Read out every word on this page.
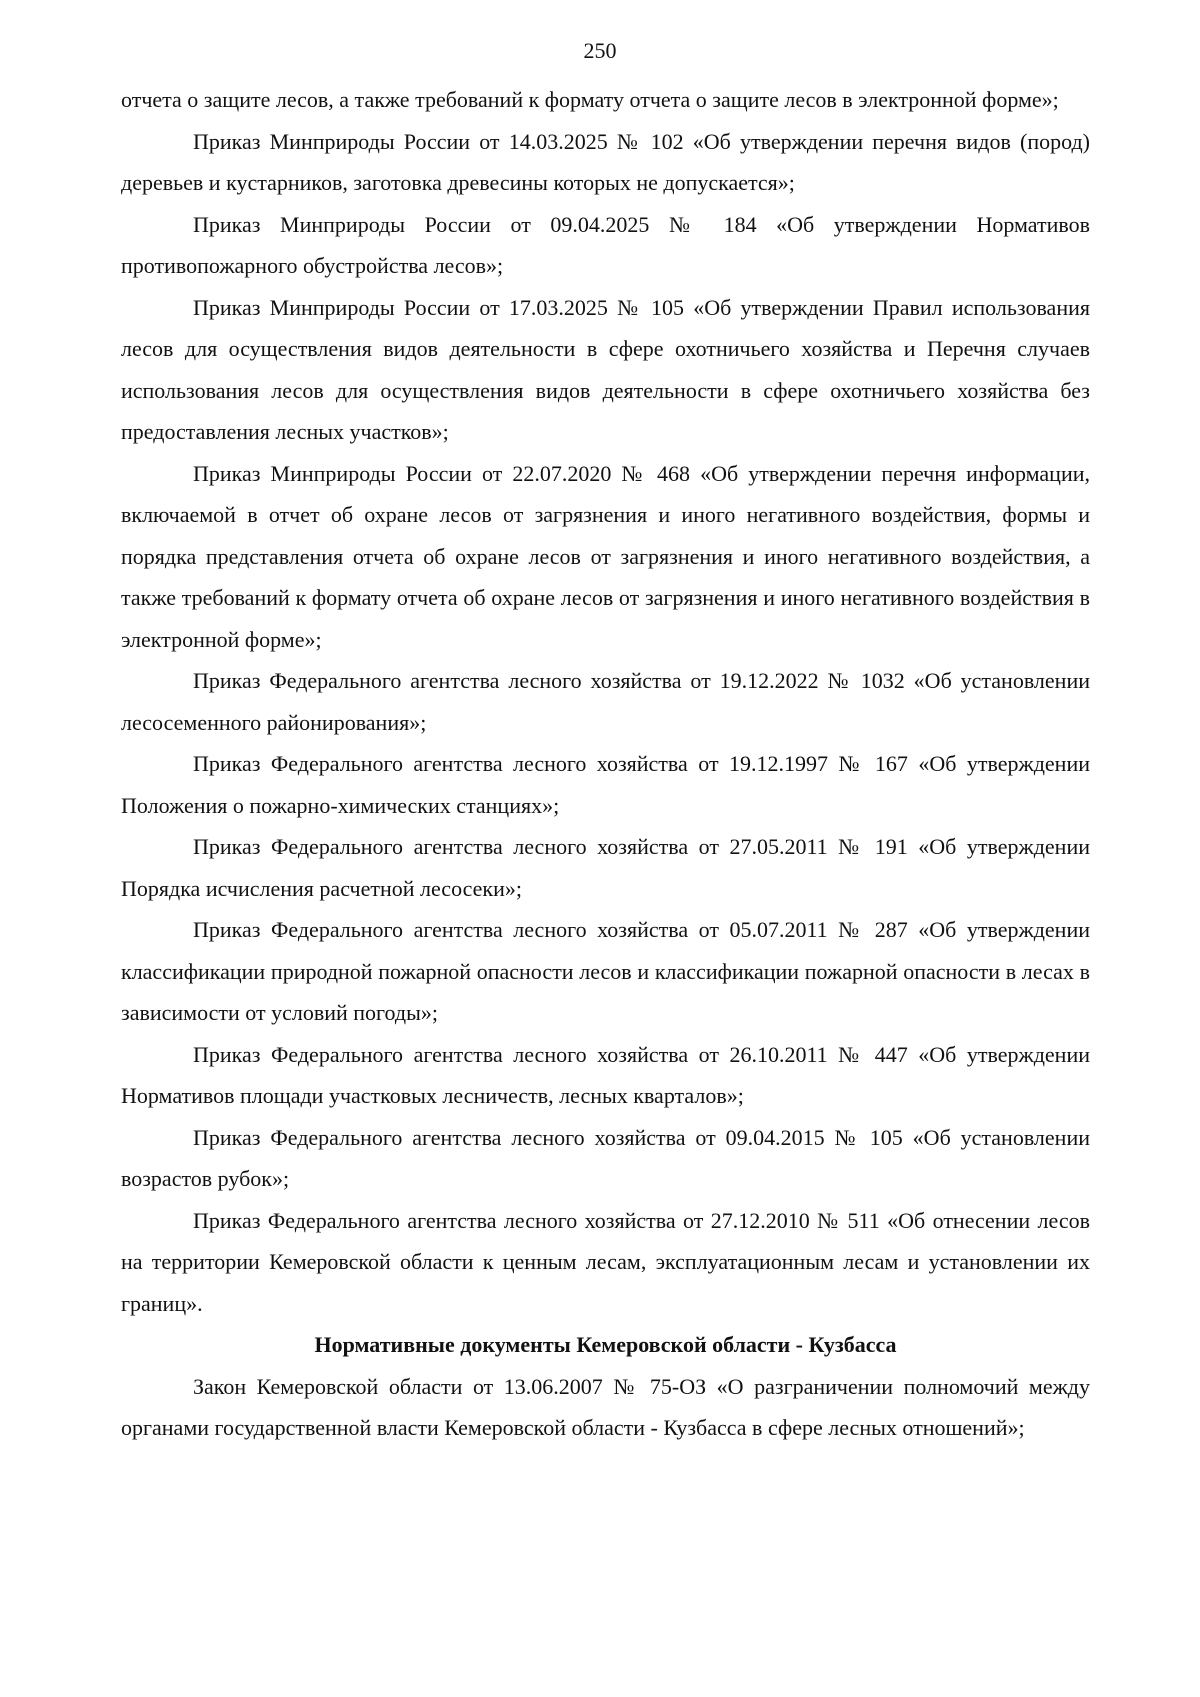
250

отчета о защите лесов, а также требований к формату отчета о защите лесов в электронной форме»;

Приказ Минприроды России от 14.03.2025 № 102 «Об утверждении перечня видов (пород) деревьев и кустарников, заготовка древесины которых не допускается»;

Приказ Минприроды России от 09.04.2025 № 184 «Об утверждении Нормативов противопожарного обустройства лесов»;

Приказ Минприроды России от 17.03.2025 № 105 «Об утверждении Правил использования лесов для осуществления видов деятельности в сфере охотничьего хозяйства и Перечня случаев использования лесов для осуществления видов деятельности в сфере охотничьего хозяйства без предоставления лесных участков»;

Приказ Минприроды России от 22.07.2020 № 468 «Об утверждении перечня информации, включаемой в отчет об охране лесов от загрязнения и иного негативного воздействия, формы и порядка представления отчета об охране лесов от загрязнения и иного негативного воздействия, а также требований к формату отчета об охране лесов от загрязнения и иного негативного воздействия в электронной форме»;

Приказ Федерального агентства лесного хозяйства от 19.12.2022 № 1032 «Об установлении лесосеменного районирования»;

Приказ Федерального агентства лесного хозяйства от 19.12.1997 № 167 «Об утверждении Положения о пожарно-химических станциях»;

Приказ Федерального агентства лесного хозяйства от 27.05.2011 № 191 «Об утверждении Порядка исчисления расчетной лесосеки»;

Приказ Федерального агентства лесного хозяйства от 05.07.2011 № 287 «Об утверждении классификации природной пожарной опасности лесов и классификации пожарной опасности в лесах в зависимости от условий погоды»;

Приказ Федерального агентства лесного хозяйства от 26.10.2011 № 447 «Об утверждении Нормативов площади участковых лесничеств, лесных кварталов»;

Приказ Федерального агентства лесного хозяйства от 09.04.2015 № 105 «Об установлении возрастов рубок»;

Приказ Федерального агентства лесного хозяйства от 27.12.2010 № 511 «Об отнесении лесов на территории Кемеровской области к ценным лесам, эксплуатационным лесам и установлении их границ».

Нормативные документы Кемеровской области - Кузбасса

Закон Кемеровской области от 13.06.2007 № 75-ОЗ «О разграничении полномочий между органами государственной власти Кемеровской области - Кузбасса в сфере лесных отношений»;
